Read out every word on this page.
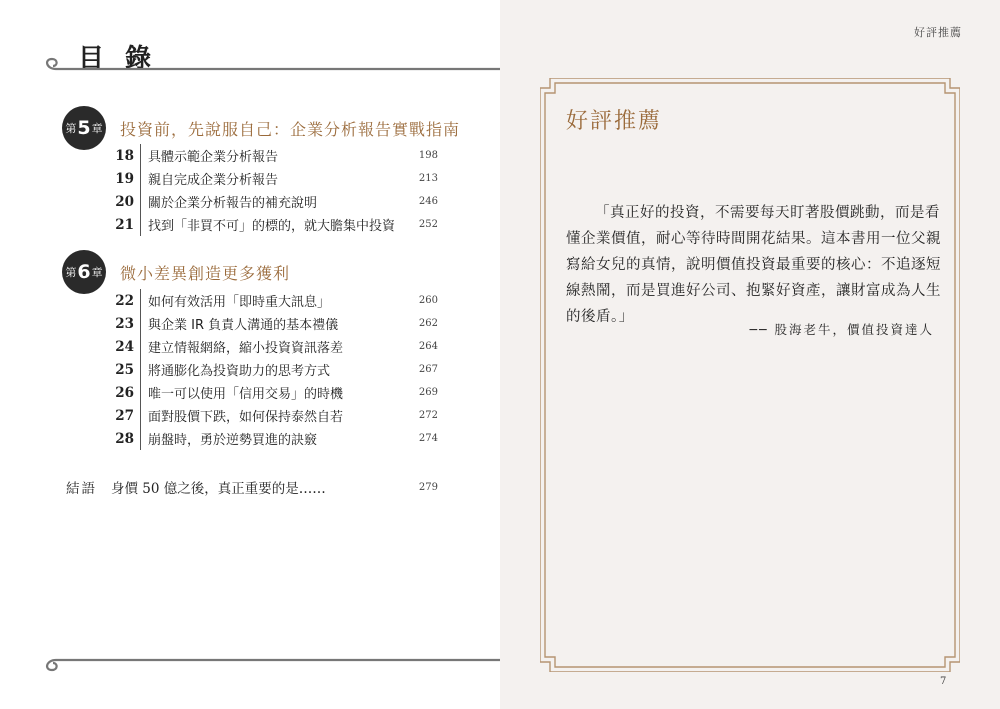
目 錄
第 5 章 投資前，先說服自己：企業分析報告實戰指南
18 具體示範企業分析報告	198
19 親自完成企業分析報告	213
20 關於企業分析報告的補充說明	246
21 找到「非買不可」的標的，就大膽集中投資	252
第 6 章 微小差異創造更多獲利
22 如何有效活用「即時重大訊息」	260
23 與企業 IR 負責人溝通的基本禮儀	262
24 建立情報網絡，縮小投資資訊落差	264
25 將通膨化為投資助力的思考方式	267
26 唯一可以使用「信用交易」的時機	269
27 面對股價下跌，如何保持泰然自若	272
28 崩盤時，勇於逆勢買進的訣竅	274
結語 身價 50 億之後，真正重要的是……	279
好評推薦
好評推薦

「真正好的投資，不需要每天盯著股價跳動，而是看懂企業價值，耐心等待時間開花結果。這本書用一位父親寫給女兒的真情，說明價值投資最重要的核心：不追逐短線熱鬧，而是買進好公司、抱緊好資產，讓財富成為人生的後盾。」

── 股海老牛，價值投資達人
7
